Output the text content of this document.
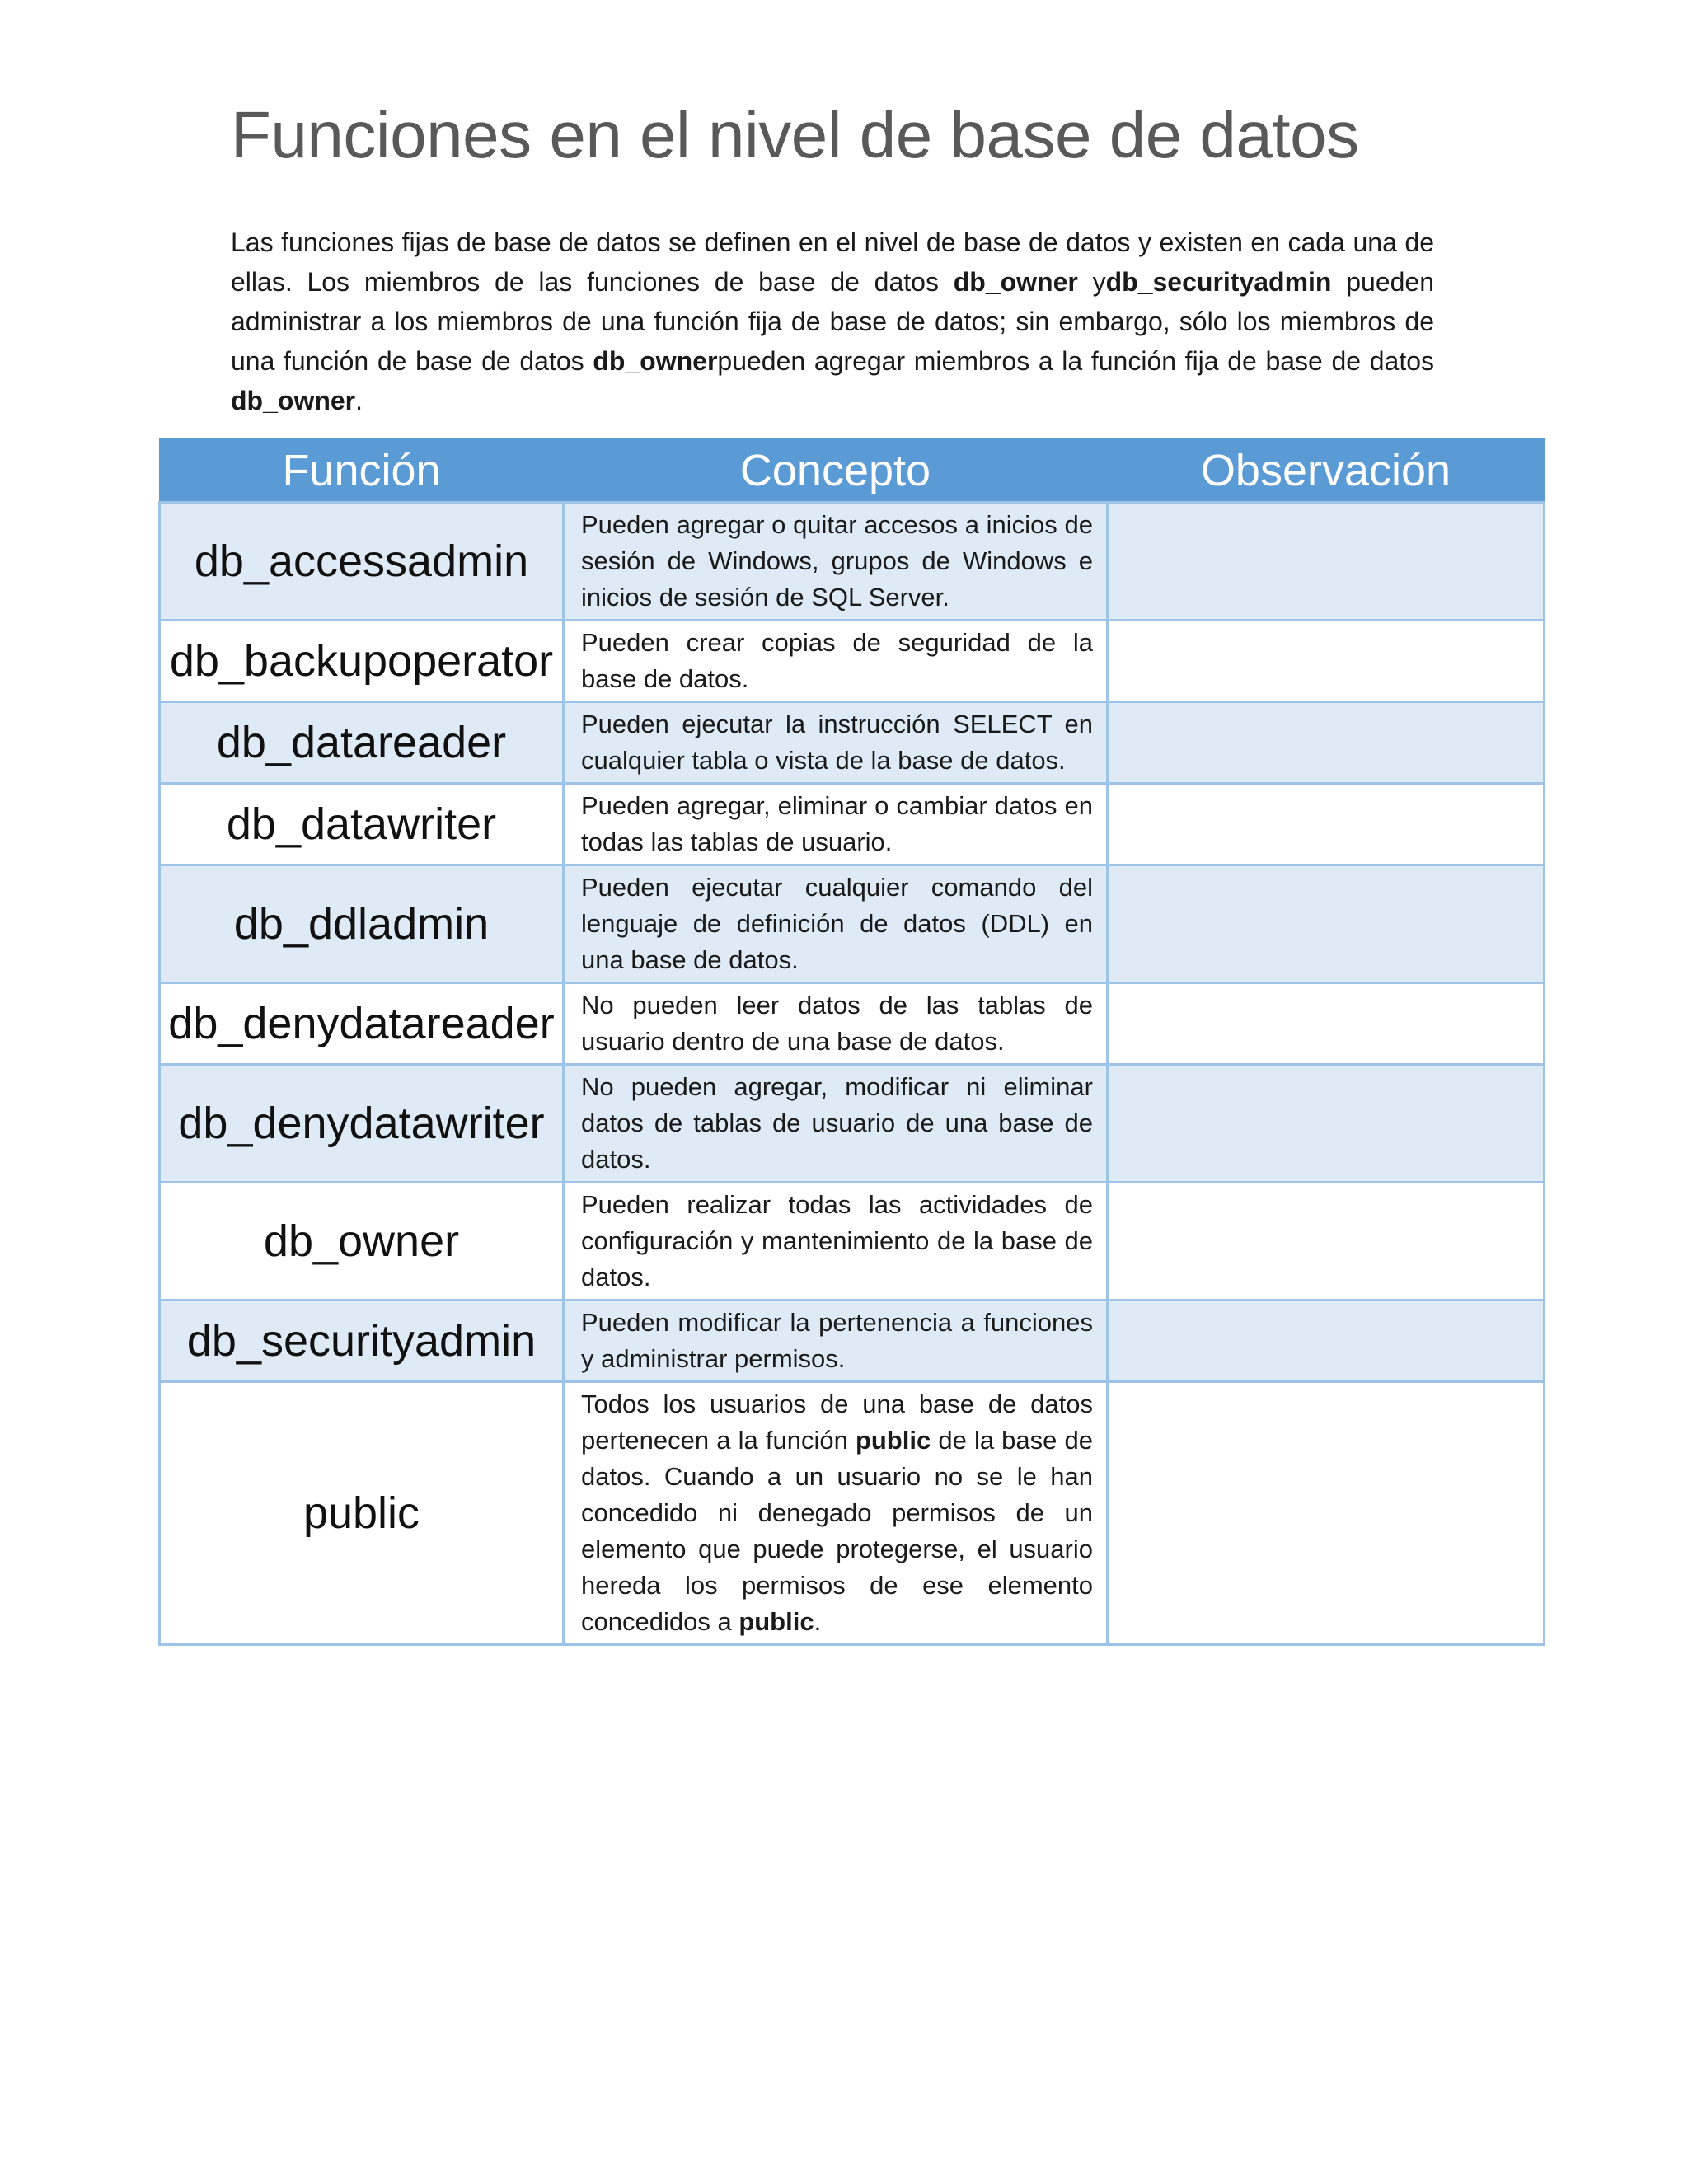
Funciones en el nivel de base de datos

Las funciones fijas de base de datos se definen en el nivel de base de datos y existen en cada una de ellas. Los miembros de las funciones de base de datos db_owner ydb_securityadmin pueden administrar a los miembros de una función fija de base de datos; sin embargo, sólo los miembros de una función de base de datos db_ownerpueden agregar miembros a la función fija de base de datos db_owner.

Función	Concepto	Observación
db_accessadmin	Pueden agregar o quitar accesos a inicios de sesión de Windows, grupos de Windows e inicios de sesión de SQL Server.	
db_backupoperator	Pueden crear copias de seguridad de la base de datos.	
db_datareader	Pueden ejecutar la instrucción SELECT en cualquier tabla o vista de la base de datos.	
db_datawriter	Pueden agregar, eliminar o cambiar datos en todas las tablas de usuario.	
db_ddladmin	Pueden ejecutar cualquier comando del lenguaje de definición de datos (DDL) en una base de datos.	
db_denydatareader	No pueden leer datos de las tablas de usuario dentro de una base de datos.	
db_denydatawriter	No pueden agregar, modificar ni eliminar datos de tablas de usuario de una base de datos.	
db_owner	Pueden realizar todas las actividades de configuración y mantenimiento de la base de datos.	
db_securityadmin	Pueden modificar la pertenencia a funciones y administrar permisos.	
public	Todos los usuarios de una base de datos pertenecen a la función public de la base de datos. Cuando a un usuario no se le han concedido ni denegado permisos de un elemento que puede protegerse, el usuario hereda los permisos de ese elemento concedidos a public.	
